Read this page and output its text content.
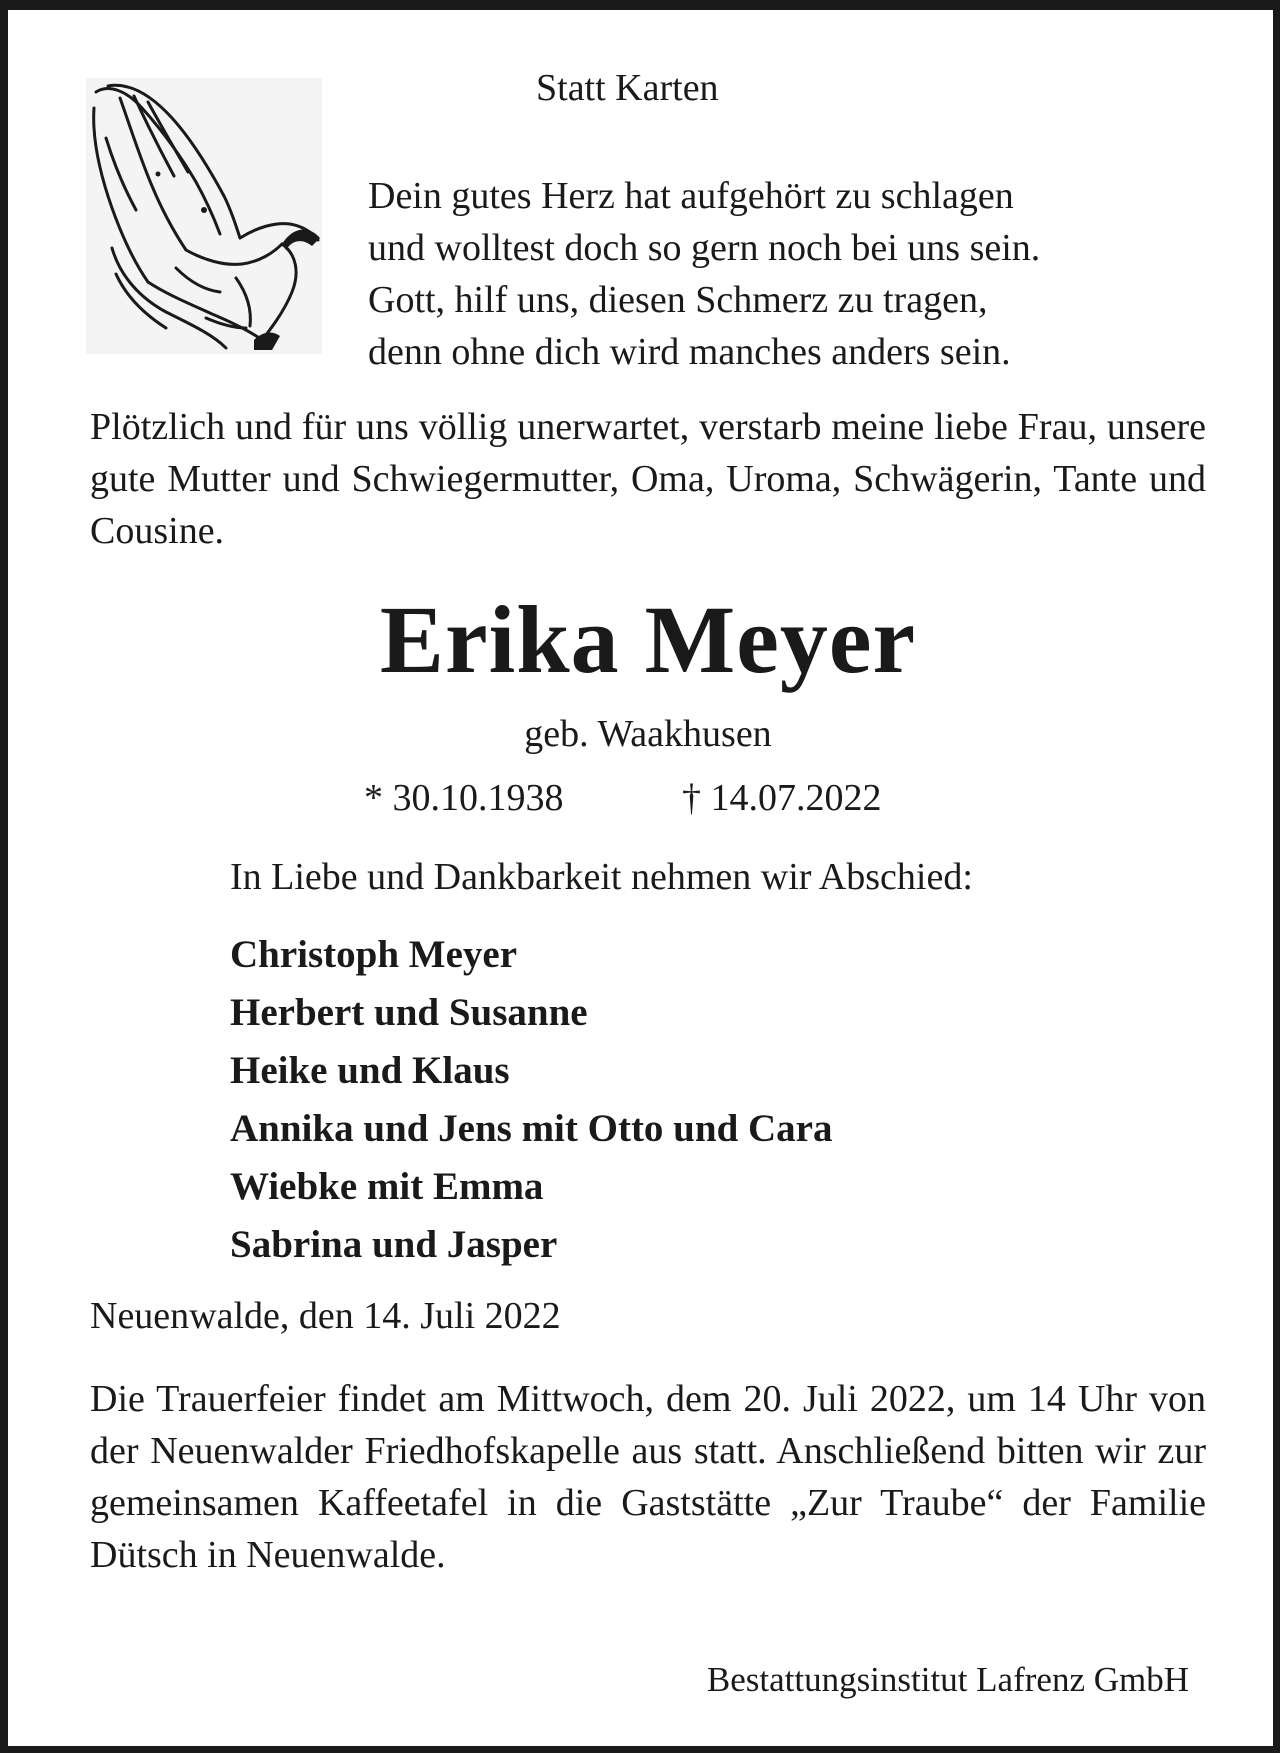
Statt Karten

Dein gutes Herz hat aufgehört zu schlagen
und wolltest doch so gern noch bei uns sein.
Gott, hilf uns, diesen Schmerz zu tragen,
denn ohne dich wird manches anders sein.

Plötzlich und für uns völlig unerwartet, verstarb meine liebe Frau, unsere gute Mutter und Schwiegermutter, Oma, Uroma, Schwägerin, Tante und Cousine.

Erika Meyer

geb. Waakhusen

* 30.10.1938	† 14.07.2022

In Liebe und Dankbarkeit nehmen wir Abschied:

Christoph Meyer
Herbert und Susanne
Heike und Klaus
Annika und Jens mit Otto und Cara
Wiebke mit Emma
Sabrina und Jasper

Neuenwalde, den 14. Juli 2022

Die Trauerfeier findet am Mittwoch, dem 20. Juli 2022, um 14 Uhr von der Neuenwalder Friedhofskapelle aus statt. Anschließend bitten wir zur gemeinsamen Kaffeetafel in die Gaststätte „Zur Traube“ der Familie Dütsch in Neuenwalde.

Bestattungsinstitut Lafrenz GmbH
